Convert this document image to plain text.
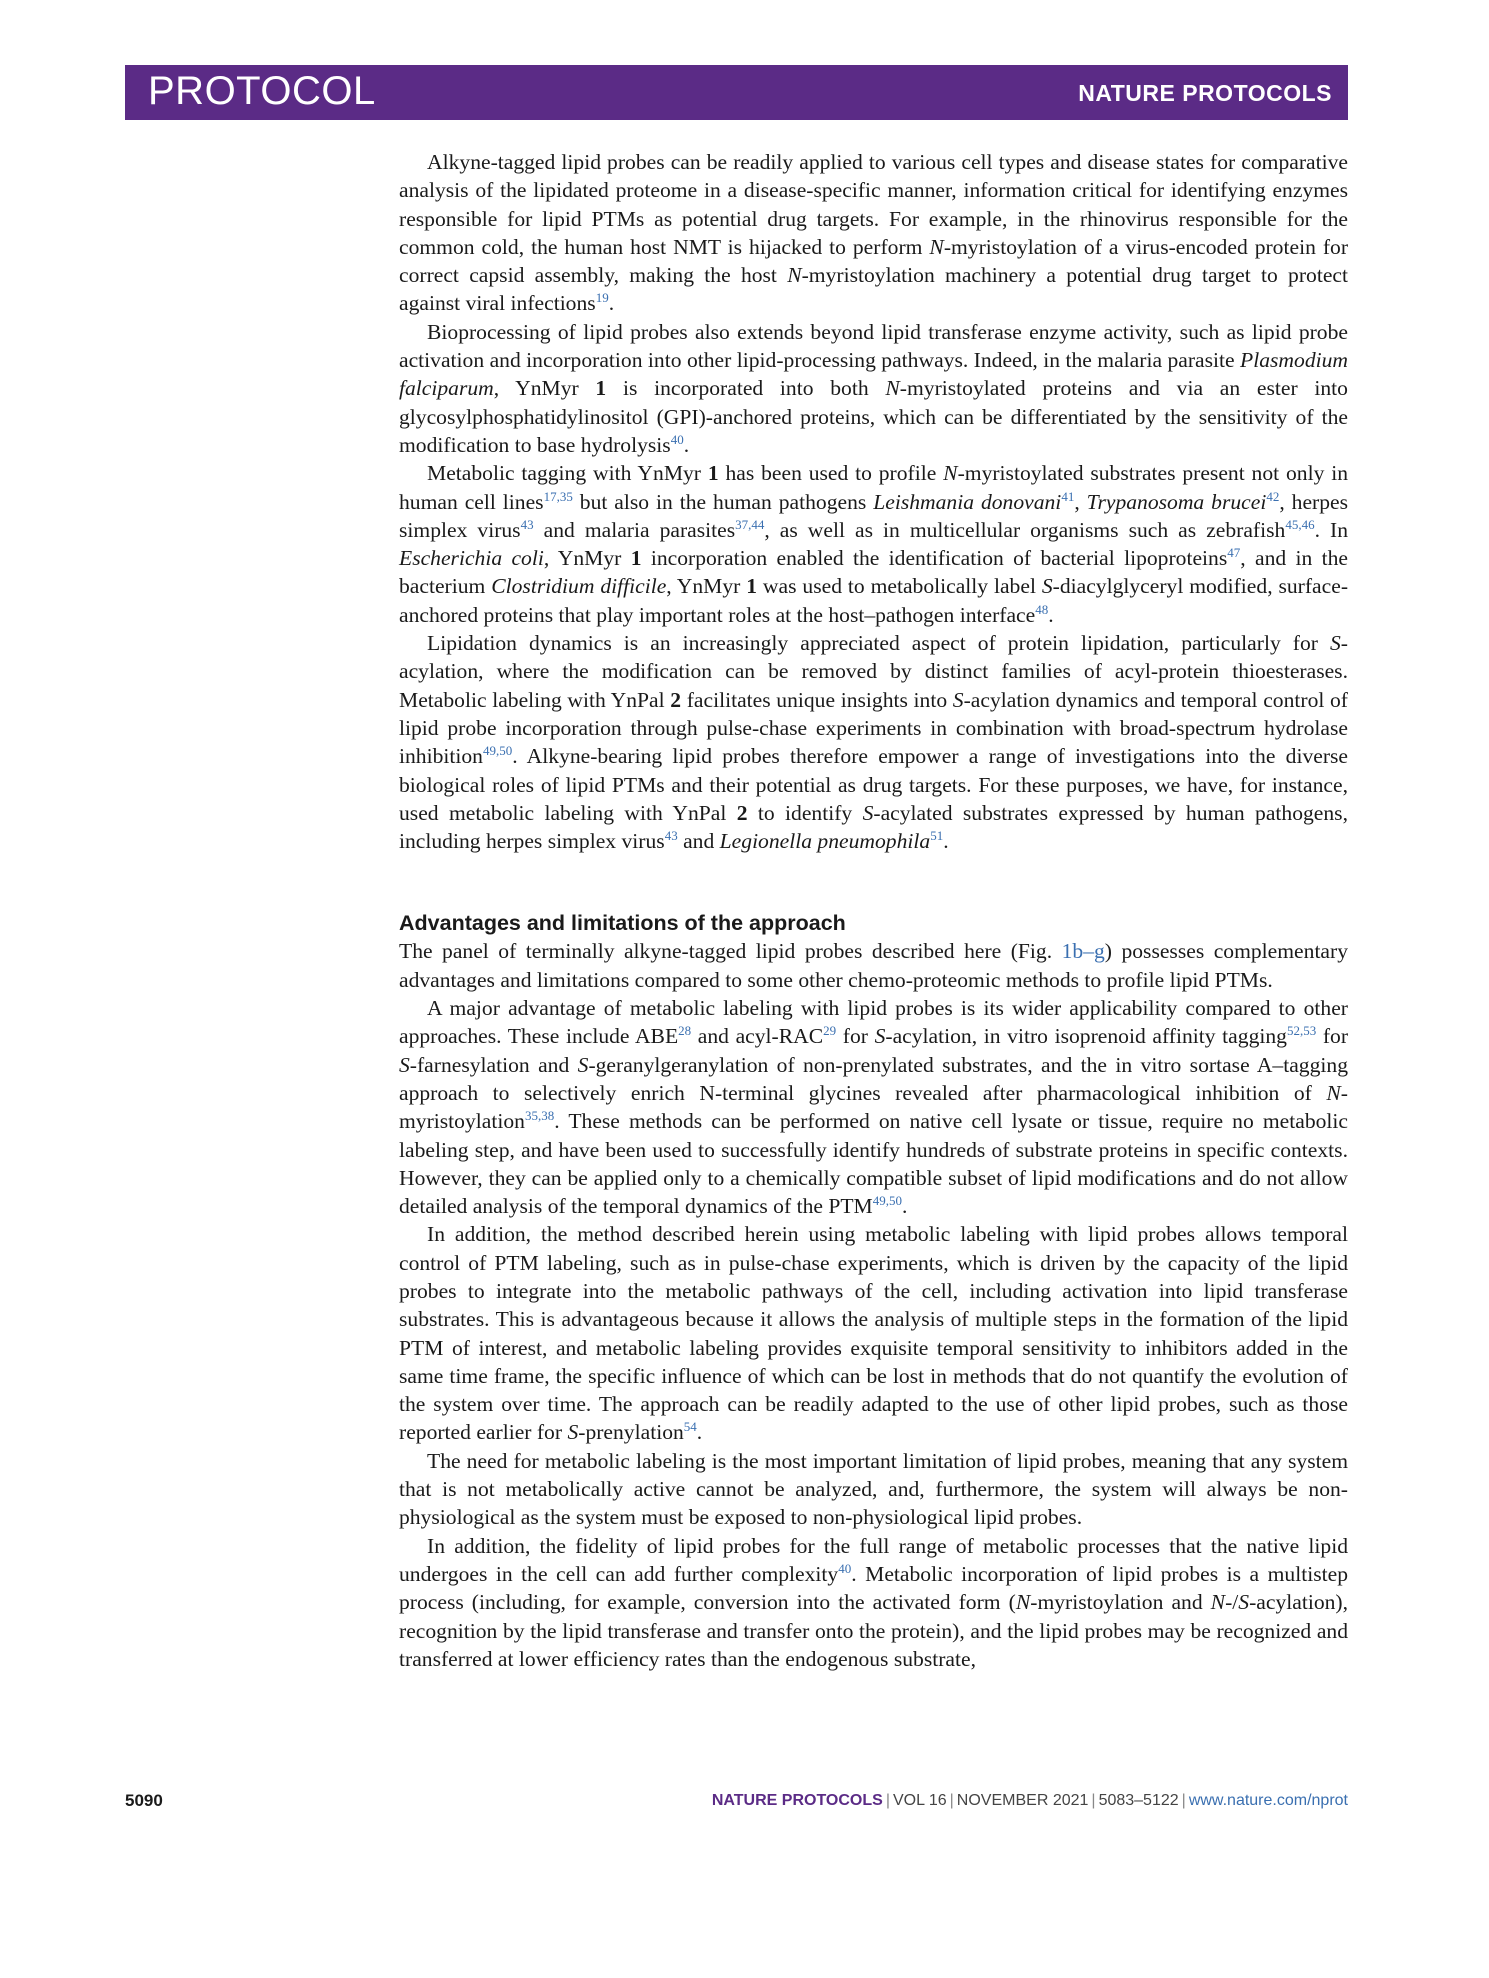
PROTOCOL	NATURE PROTOCOLS

Alkyne-tagged lipid probes can be readily applied to various cell types and disease states for comparative analysis of the lipidated proteome in a disease-specific manner, information critical for identifying enzymes responsible for lipid PTMs as potential drug targets. For example, in the rhinovirus responsible for the common cold, the human host NMT is hijacked to perform N-myristoylation of a virus-encoded protein for correct capsid assembly, making the host N-myristoylation machinery a potential drug target to protect against viral infections$^{19}$.

Bioprocessing of lipid probes also extends beyond lipid transferase enzyme activity, such as lipid probe activation and incorporation into other lipid-processing pathways. Indeed, in the malaria parasite Plasmodium falciparum, YnMyr 1 is incorporated into both N-myristoylated proteins and via an ester into glycosylphosphatidylinositol (GPI)-anchored proteins, which can be differentiated by the sensitivity of the modification to base hydrolysis$^{40}$.

Metabolic tagging with YnMyr 1 has been used to profile N-myristoylated substrates present not only in human cell lines$^{17,35}$ but also in the human pathogens Leishmania donovani$^{41}$, Trypanosoma brucei$^{42}$, herpes simplex virus$^{43}$ and malaria parasites$^{37,44}$, as well as in multicellular organisms such as zebrafish$^{45,46}$. In Escherichia coli, YnMyr 1 incorporation enabled the identification of bacterial lipoproteins$^{47}$, and in the bacterium Clostridium difficile, YnMyr 1 was used to metabolically label S-diacylglyceryl modified, surface-anchored proteins that play important roles at the host–pathogen interface$^{48}$.

Lipidation dynamics is an increasingly appreciated aspect of protein lipidation, particularly for S-acylation, where the modification can be removed by distinct families of acyl-protein thioesterases. Metabolic labeling with YnPal 2 facilitates unique insights into S-acylation dynamics and temporal control of lipid probe incorporation through pulse-chase experiments in combination with broad-spectrum hydrolase inhibition$^{49,50}$. Alkyne-bearing lipid probes therefore empower a range of investigations into the diverse biological roles of lipid PTMs and their potential as drug targets. For these purposes, we have, for instance, used metabolic labeling with YnPal 2 to identify S-acylated substrates expressed by human pathogens, including herpes simplex virus$^{43}$ and Legionella pneumophila$^{51}$.

Advantages and limitations of the approach

The panel of terminally alkyne-tagged lipid probes described here (Fig. 1b–g) possesses complementary advantages and limitations compared to some other chemo-proteomic methods to profile lipid PTMs.

A major advantage of metabolic labeling with lipid probes is its wider applicability compared to other approaches. These include ABE$^{28}$ and acyl-RAC$^{29}$ for S-acylation, in vitro isoprenoid affinity tagging$^{52,53}$ for S-farnesylation and S-geranylgeranylation of non-prenylated substrates, and the in vitro sortase A–tagging approach to selectively enrich N-terminal glycines revealed after pharmacological inhibition of N-myristoylation$^{35,38}$. These methods can be performed on native cell lysate or tissue, require no metabolic labeling step, and have been used to successfully identify hundreds of substrate proteins in specific contexts. However, they can be applied only to a chemically compatible subset of lipid modifications and do not allow detailed analysis of the temporal dynamics of the PTM$^{49,50}$.

In addition, the method described herein using metabolic labeling with lipid probes allows temporal control of PTM labeling, such as in pulse-chase experiments, which is driven by the capacity of the lipid probes to integrate into the metabolic pathways of the cell, including activation into lipid transferase substrates. This is advantageous because it allows the analysis of multiple steps in the formation of the lipid PTM of interest, and metabolic labeling provides exquisite temporal sensitivity to inhibitors added in the same time frame, the specific influence of which can be lost in methods that do not quantify the evolution of the system over time. The approach can be readily adapted to the use of other lipid probes, such as those reported earlier for S-prenylation$^{54}$.

The need for metabolic labeling is the most important limitation of lipid probes, meaning that any system that is not metabolically active cannot be analyzed, and, furthermore, the system will always be non-physiological as the system must be exposed to non-physiological lipid probes.

In addition, the fidelity of lipid probes for the full range of metabolic processes that the native lipid undergoes in the cell can add further complexity$^{40}$. Metabolic incorporation of lipid probes is a multistep process (including, for example, conversion into the activated form (N-myristoylation and N-/S-acylation), recognition by the lipid transferase and transfer onto the protein), and the lipid probes may be recognized and transferred at lower efficiency rates than the endogenous substrate,

5090	NATURE PROTOCOLS | VOL 16 | NOVEMBER 2021 | 5083–5122 | www.nature.com/nprot
